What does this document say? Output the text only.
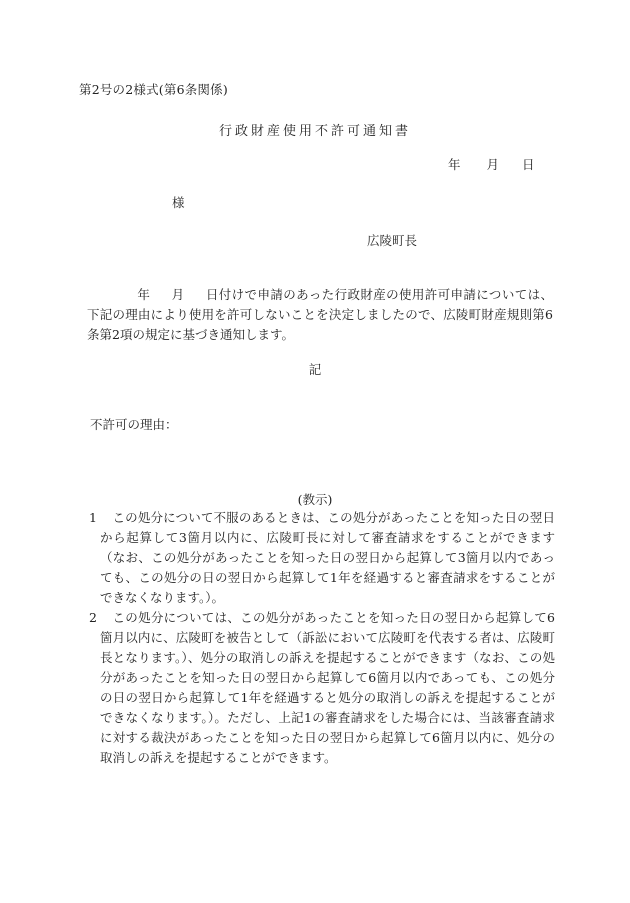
第2号の2様式(第6条関係)
行政財産使用不許可通知書
年 月 日
様
広陵町長
年 月 日付けで申請のあった行政財産の使用許可申請については、下記の理由により使用を許可しないことを決定しましたので、広陵町財産規則第6条第2項の規定に基づき通知します。
記
不許可の理由：
(教示)
1	この処分について不服のあるときは、この処分があったことを知った日の翌日から起算して3箇月以内に、広陵町長に対して審査請求をすることができます（なお、この処分があったことを知った日の翌日から起算して3箇月以内であっても、この処分の日の翌日から起算して1年を経過すると審査請求をすることができなくなります。）。
2	この処分については、この処分があったことを知った日の翌日から起算して6箇月以内に、広陵町を被告として（訴訟において広陵町を代表する者は、広陵町長となります。）、処分の取消しの訴えを提起することができます（なお、この処分があったことを知った日の翌日から起算して6箇月以内であっても、この処分の日の翌日から起算して1年を経過すると処分の取消しの訴えを提起することができなくなります。）。ただし、上記1の審査請求をした場合には、当該審査請求に対する裁決があったことを知った日の翌日から起算して6箇月以内に、処分の取消しの訴えを提起することができます。
